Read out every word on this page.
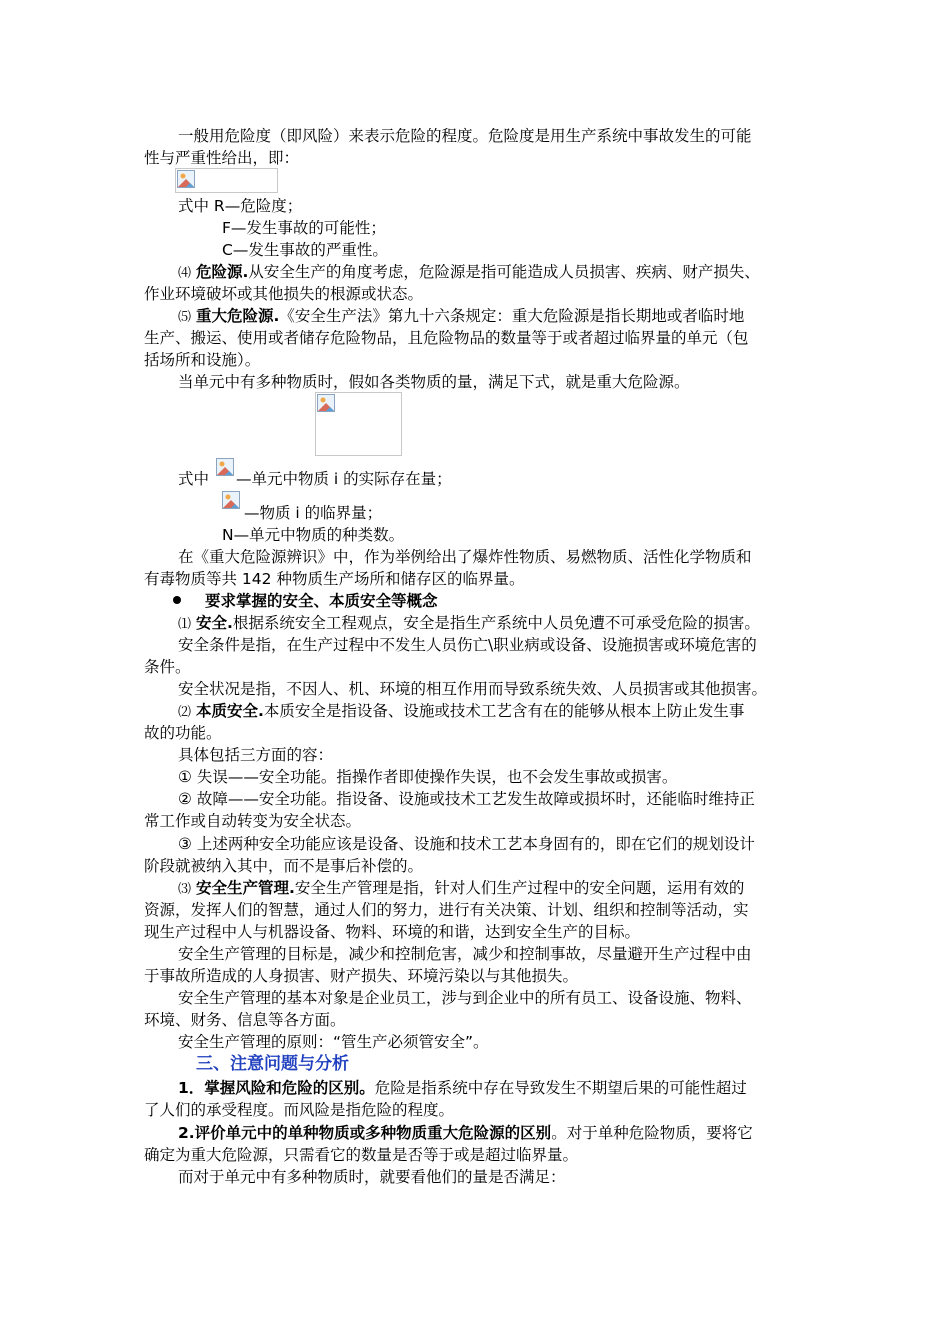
一般用危险度（即风险）来表示危险的程度。危险度是用生产系统中事故发生的可能
性与严重性给出，即：
式中 R—危险度；
F—发生事故的可能性；
C—发生事故的严重性。
⑷ 危险源.从安全生产的角度考虑，危险源是指可能造成人员损害、疾病、财产损失、
作业环境破坏或其他损失的根源或状态。
⑸ 重大危险源.《安全生产法》第九十六条规定：重大危险源是指长期地或者临时地
生产、搬运、使用或者储存危险物品，且危险物品的数量等于或者超过临界量的单元（包
括场所和设施）。
当单元中有多种物质时，假如各类物质的量，满足下式，就是重大危险源。
式中 —单元中物质 i 的实际存在量；
—物质 i 的临界量；
N—单元中物质的种类数。
在《重大危险源辨识》中，作为举例给出了爆炸性物质、易燃物质、活性化学物质和
有毒物质等共 142 种物质生产场所和储存区的临界量。
要求掌握的安全、本质安全等概念
⑴ 安全.根据系统安全工程观点，安全是指生产系统中人员免遭不可承受危险的损害。
安全条件是指，在生产过程中不发生人员伤亡\职业病或设备、设施损害或环境危害的
条件。
安全状况是指，不因人、机、环境的相互作用而导致系统失效、人员损害或其他损害。
⑵ 本质安全.本质安全是指设备、设施或技术工艺含有在的能够从根本上防止发生事
故的功能。
具体包括三方面的容：
① 失误——安全功能。指操作者即使操作失误，也不会发生事故或损害。
② 故障——安全功能。指设备、设施或技术工艺发生故障或损坏时，还能临时维持正
常工作或自动转变为安全状态。
③ 上述两种安全功能应该是设备、设施和技术工艺本身固有的，即在它们的规划设计
阶段就被纳入其中，而不是事后补偿的。
⑶ 安全生产管理.安全生产管理是指，针对人们生产过程中的安全问题，运用有效的
资源，发挥人们的智慧，通过人们的努力，进行有关决策、计划、组织和控制等活动，实
现生产过程中人与机器设备、物料、环境的和谐，达到安全生产的目标。
安全生产管理的目标是，减少和控制危害，减少和控制事故，尽量避开生产过程中由
于事故所造成的人身损害、财产损失、环境污染以与其他损失。
安全生产管理的基本对象是企业员工，涉与到企业中的所有员工、设备设施、物料、
环境、财务、信息等各方面。
安全生产管理的原则：“管生产必须管安全”。
三、注意问题与分析
1．掌握风险和危险的区别。危险是指系统中存在导致发生不期望后果的可能性超过
了人们的承受程度。而风险是指危险的程度。
2.评价单元中的单种物质或多种物质重大危险源的区别。对于单种危险物质，要将它
确定为重大危险源，只需看它的数量是否等于或是超过临界量。
而对于单元中有多种物质时，就要看他们的量是否满足：
